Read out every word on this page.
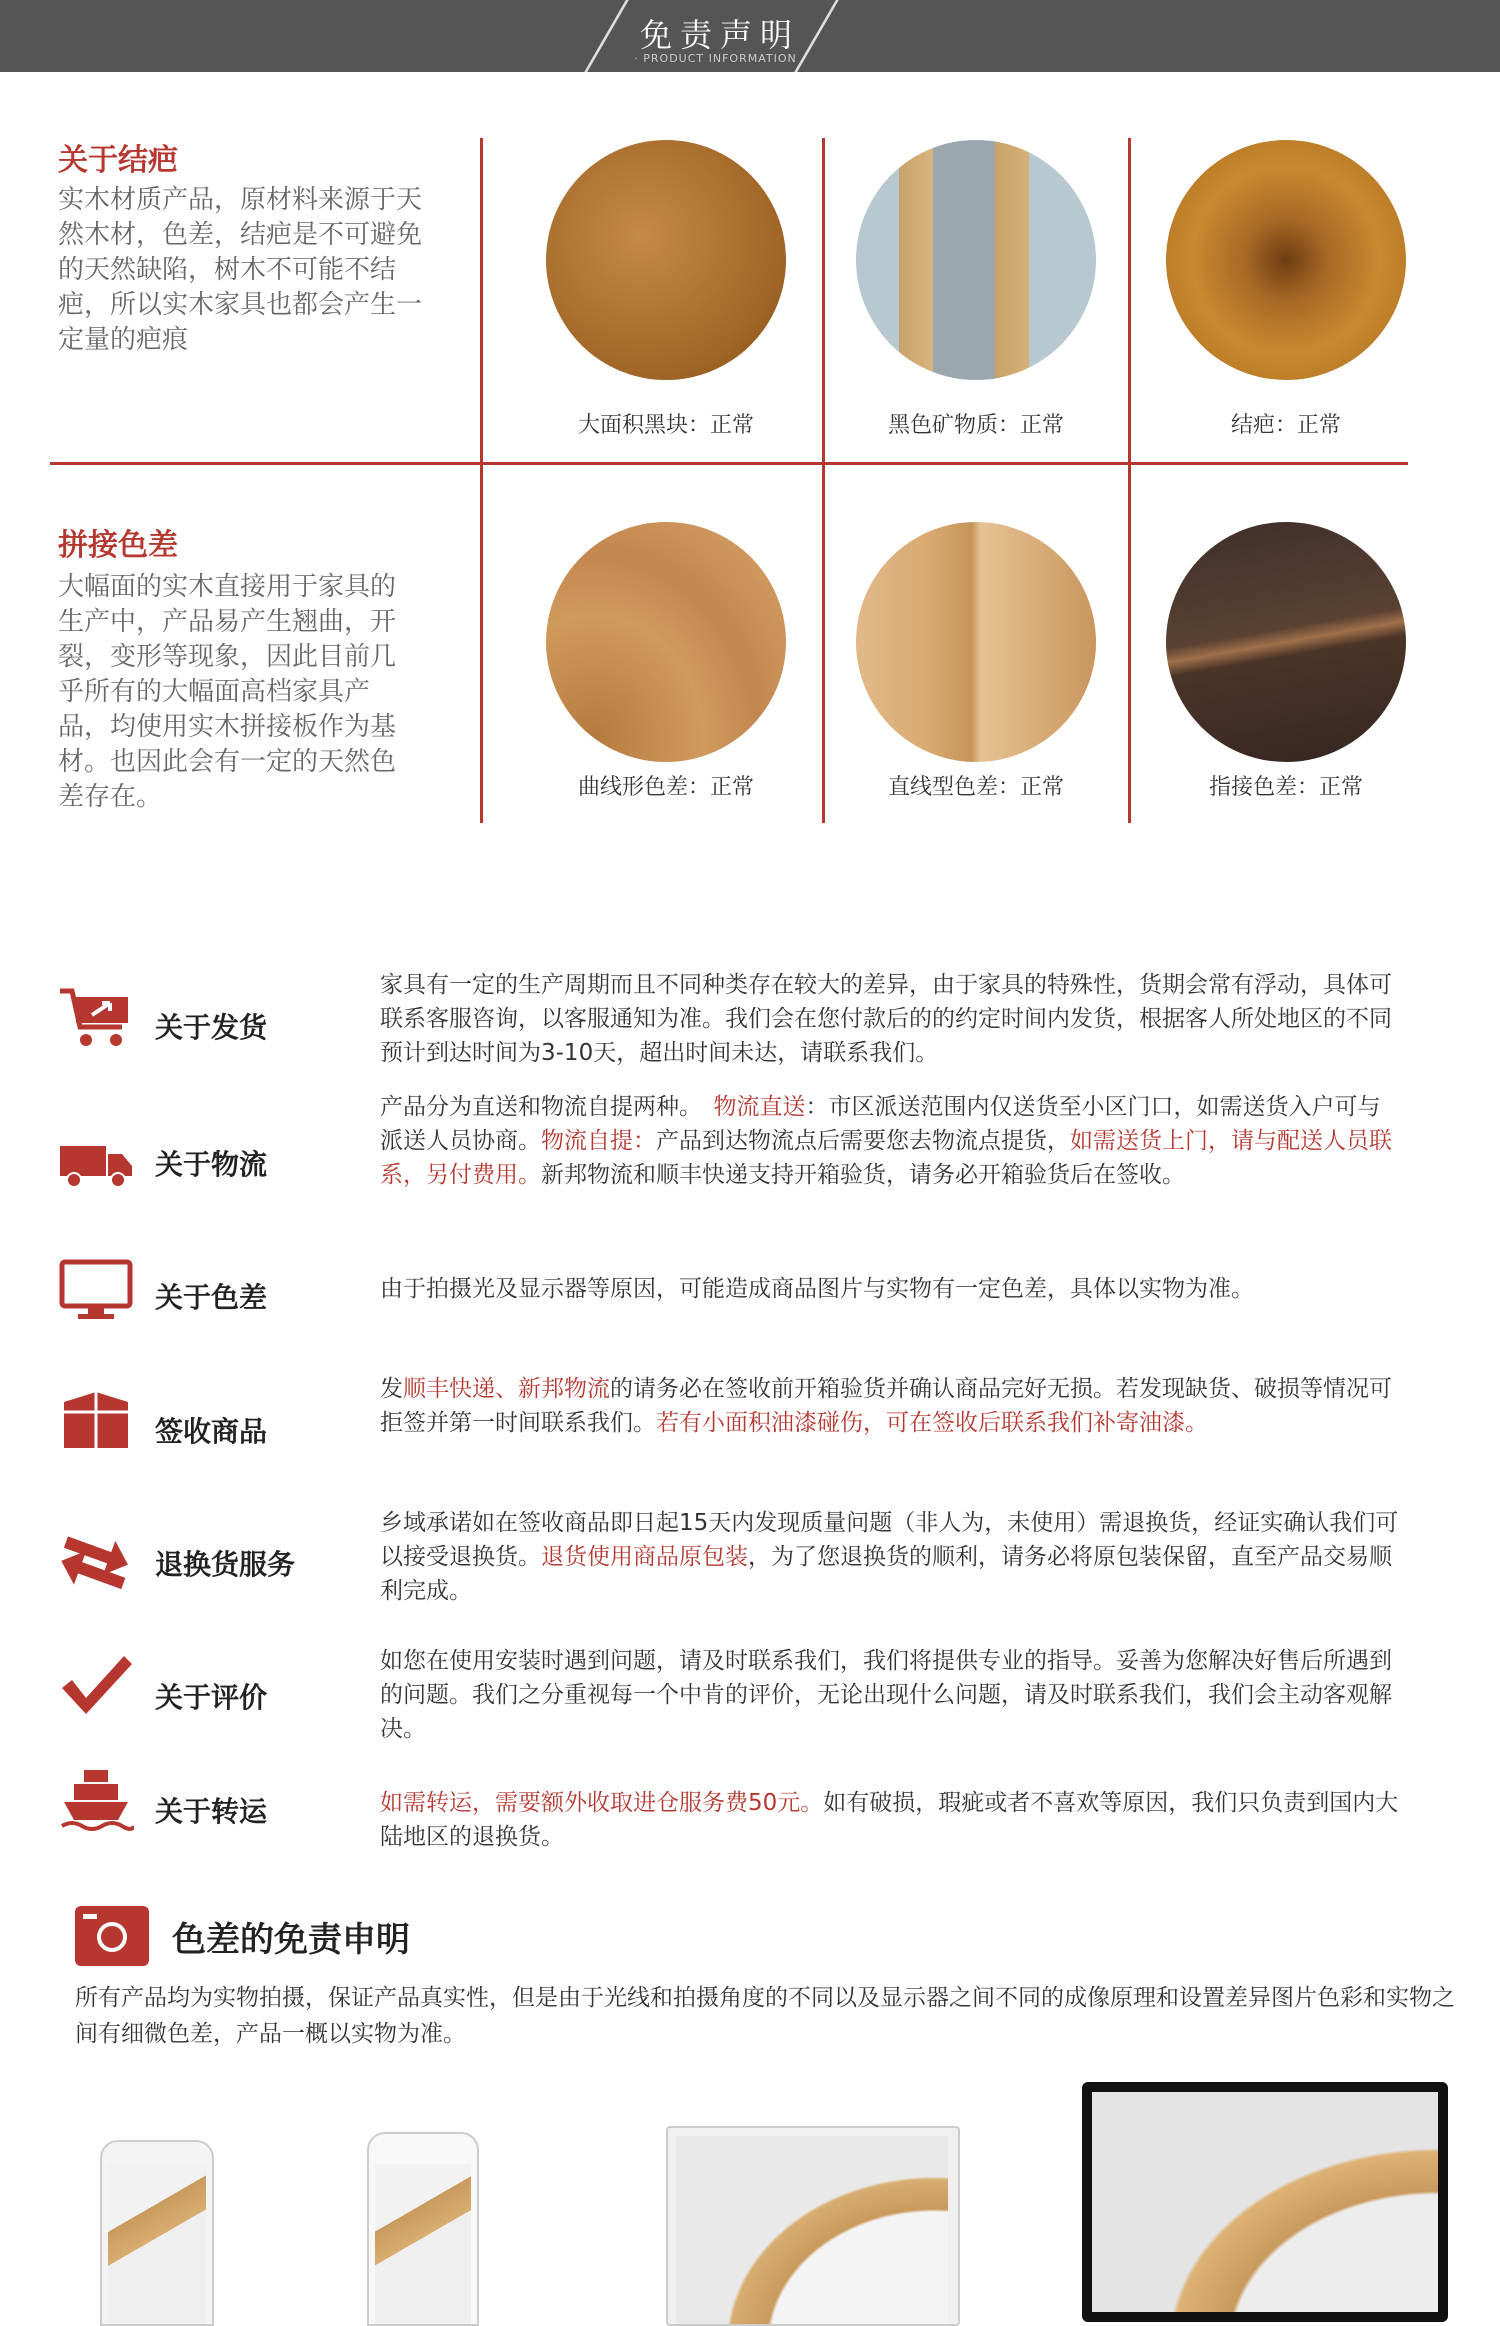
免责声明
· PRODUCT INFORMATION ·
关于结疤
实木材质产品，原材料来源于天然木材，色差，结疤是不可避免的天然缺陷，树木不可能不结疤，所以实木家具也都会产生一定量的疤痕
大面积黑块：正常	黑色矿物质：正常	结疤：正常
拼接色差
大幅面的实木直接用于家具的生产中，产品易产生翘曲，开裂，变形等现象，因此目前几乎所有的大幅面高档家具产品，均使用实木拼接板作为基材。也因此会有一定的天然色差存在。	曲线形色差：正常	直线型色差：正常	指接色差：正常
关于发货
家具有一定的生产周期而且不同种类存在较大的差异，由于家具的特殊性，货期会常有浮动，具体可联系客服咨询，以客服通知为准。我们会在您付款后的的约定时间内发货，根据客人所处地区的不同预计到达时间为3-10天，超出时间未达，请联系我们。
关于物流
产品分为直送和物流自提两种。　物流直送：市区派送范围内仅送货至小区门口，如需送货入户可与派送人员协商。物流自提：产品到达物流点后需要您去物流点提货，如需送货上门，请与配送人员联系，另付费用。新邦物流和顺丰快递支持开箱验货，请务必开箱验货后在签收。
关于色差	由于拍摄光及显示器等原因，可能造成商品图片与实物有一定色差，具体以实物为准。
签收商品
发顺丰快递、新邦物流的请务必在签收前开箱验货并确认商品完好无损。若发现缺货、破损等情况可拒签并第一时间联系我们。若有小面积油漆碰伤，可在签收后联系我们补寄油漆。
退换货服务
乡域承诺如在签收商品即日起15天内发现质量问题（非人为，未使用）需退换货，经证实确认我们可以接受退换货。退货使用商品原包装，为了您退换货的顺利，请务必将原包装保留，直至产品交易顺利完成。
关于评价
如您在使用安装时遇到问题，请及时联系我们，我们将提供专业的指导。妥善为您解决好售后所遇到的问题。我们之分重视每一个中肯的评价，无论出现什么问题，请及时联系我们，我们会主动客观解决。
关于转运	如需转运，需要额外收取进仓服务费50元。如有破损，瑕疵或者不喜欢等原因，我们只负责到国内大陆地区的退换货。
色差的免责申明
所有产品均为实物拍摄，保证产品真实性，但是由于光线和拍摄角度的不同以及显示器之间不同的成像原理和设置差异图片色彩和实物之间有细微色差，产品一概以实物为准。
